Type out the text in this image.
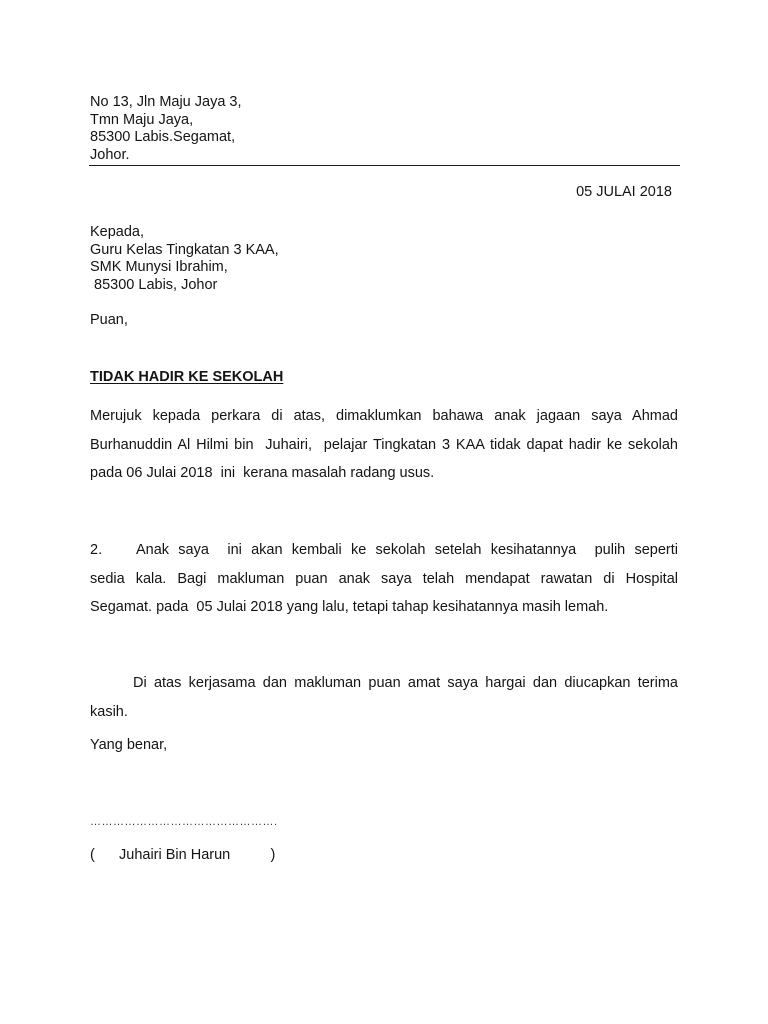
No 13, Jln Maju Jaya 3,
Tmn Maju Jaya,
85300 Labis.Segamat,
Johor.
05 JULAI 2018
Kepada,
Guru Kelas Tingkatan 3 KAA,
SMK Munysi Ibrahim,
85300 Labis, Johor
Puan,
TIDAK HADIR KE SEKOLAH
Merujuk kepada perkara di atas, dimaklumkan bahawa anak jagaan saya Ahmad
Burhanuddin Al Hilmi bin  Juhairi,  pelajar Tingkatan 3 KAA tidak dapat hadir ke sekolah
pada 06 Julai 2018  ini  kerana masalah radang usus.
2. Anak saya  ini akan kembali ke sekolah setelah kesihatannya  pulih seperti
sedia kala. Bagi makluman puan anak saya telah mendapat rawatan di Hospital
Segamat. pada  05 Julai 2018 yang lalu, tetapi tahap kesihatannya masih lemah.
Di atas kerjasama dan makluman puan amat saya hargai dan diucapkan terima
kasih.
Yang benar,
………………………………………….
(      Juhairi Bin Harun          )
